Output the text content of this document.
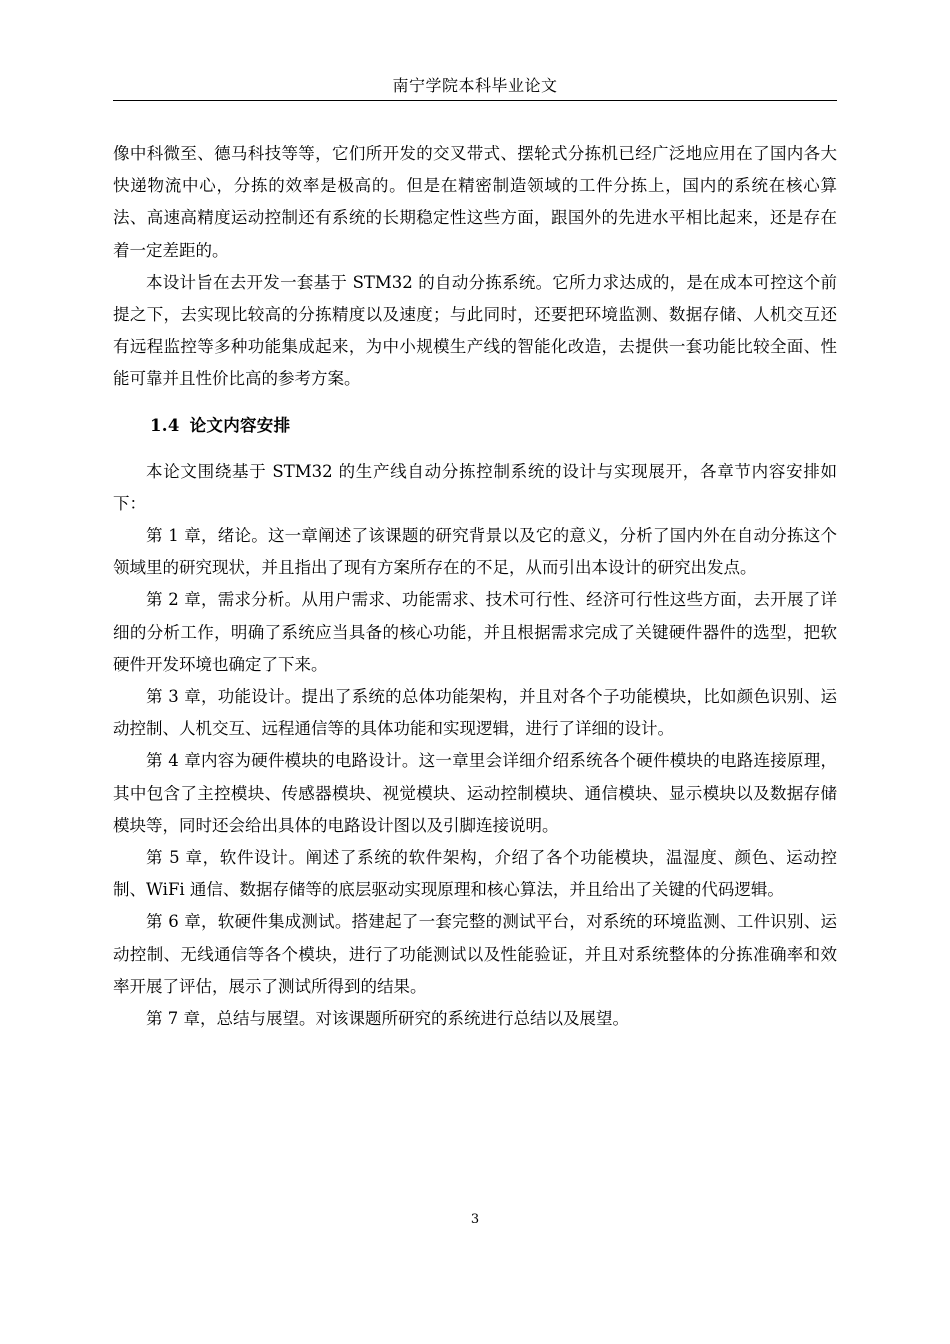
南宁学院本科毕业论文

像中科微至、德马科技等等，它们所开发的交叉带式、摆轮式分拣机已经广泛地应用在了国内各大快递物流中心，分拣的效率是极高的。但是在精密制造领域的工件分拣上，国内的系统在核心算法、高速高精度运动控制还有系统的长期稳定性这些方面，跟国外的先进水平相比起来，还是存在着一定差距的。

本设计旨在去开发一套基于 STM32 的自动分拣系统。它所力求达成的，是在成本可控这个前提之下，去实现比较高的分拣精度以及速度；与此同时，还要把环境监测、数据存储、人机交互还有远程监控等多种功能集成起来，为中小规模生产线的智能化改造，去提供一套功能比较全面、性能可靠并且性价比高的参考方案。

1.4 论文内容安排

本论文围绕基于 STM32 的生产线自动分拣控制系统的设计与实现展开，各章节内容安排如下：

第 1 章，绪论。这一章阐述了该课题的研究背景以及它的意义，分析了国内外在自动分拣这个领域里的研究现状，并且指出了现有方案所存在的不足，从而引出本设计的研究出发点。

第 2 章，需求分析。从用户需求、功能需求、技术可行性、经济可行性这些方面，去开展了详细的分析工作，明确了系统应当具备的核心功能，并且根据需求完成了关键硬件器件的选型，把软硬件开发环境也确定了下来。

第 3 章，功能设计。提出了系统的总体功能架构，并且对各个子功能模块，比如颜色识别、运动控制、人机交互、远程通信等的具体功能和实现逻辑，进行了详细的设计。

第 4 章内容为硬件模块的电路设计。这一章里会详细介绍系统各个硬件模块的电路连接原理，其中包含了主控模块、传感器模块、视觉模块、运动控制模块、通信模块、显示模块以及数据存储模块等，同时还会给出具体的电路设计图以及引脚连接说明。

第 5 章，软件设计。阐述了系统的软件架构，介绍了各个功能模块，温湿度、颜色、运动控制、WiFi 通信、数据存储等的底层驱动实现原理和核心算法，并且给出了关键的代码逻辑。

第 6 章，软硬件集成测试。搭建起了一套完整的测试平台，对系统的环境监测、工件识别、运动控制、无线通信等各个模块，进行了功能测试以及性能验证，并且对系统整体的分拣准确率和效率开展了评估，展示了测试所得到的结果。

第 7 章，总结与展望。对该课题所研究的系统进行总结以及展望。

3
